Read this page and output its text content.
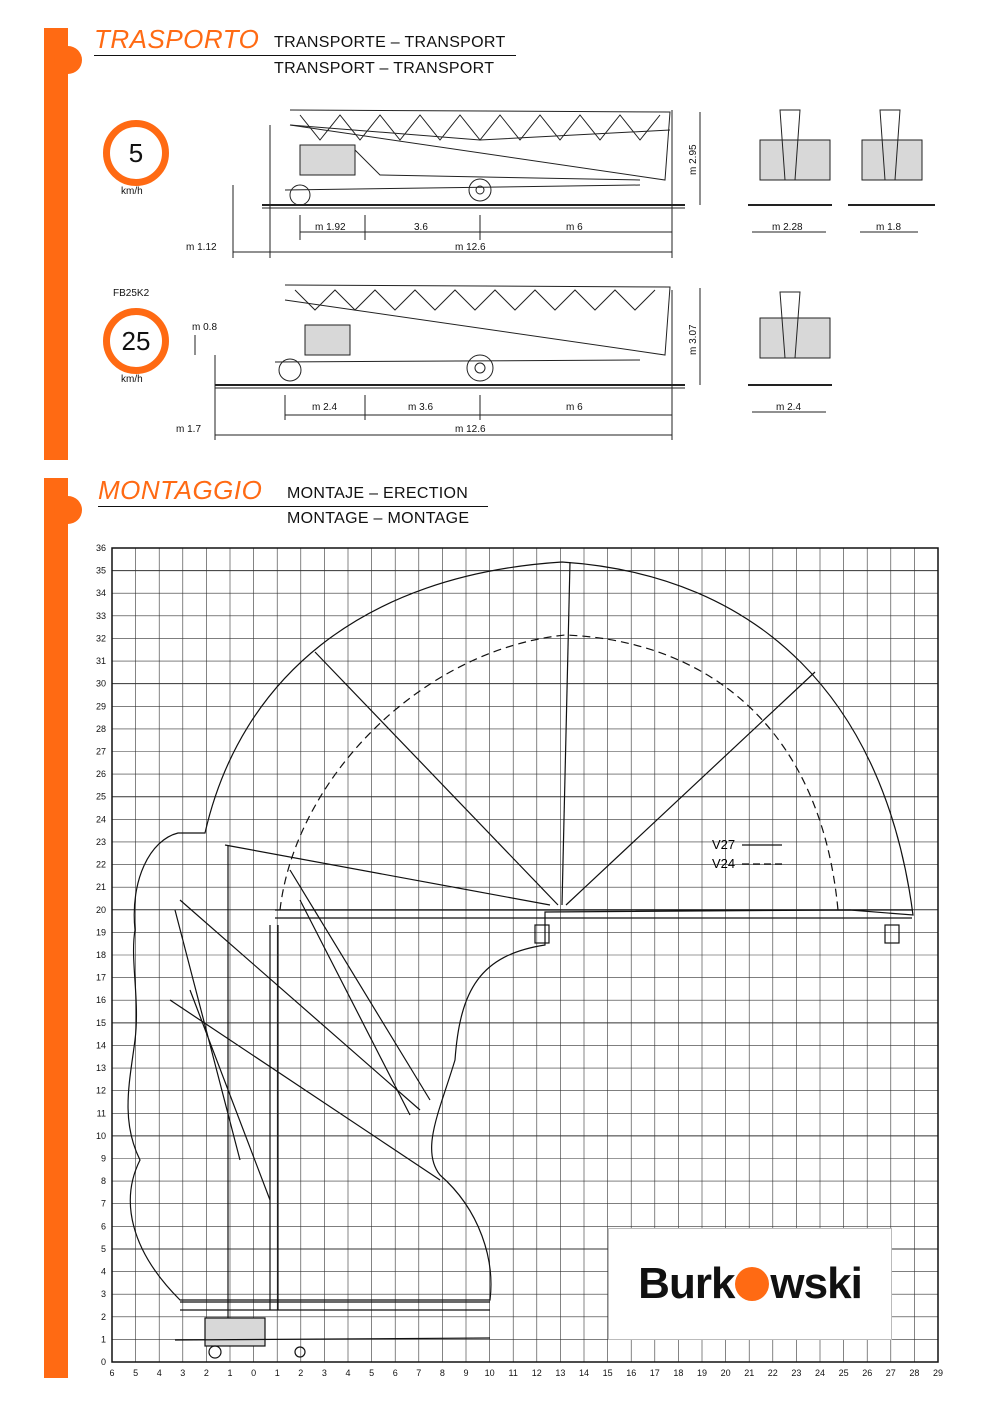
TRASPORTO TRANSPORTE – TRANSPORT
TRANSPORT – TRANSPORT
5
km/h
FB25K2
25
km/h
MONTAGGIO MONTAJE – ERECTION
MONTAGE – MONTAGE
m 2.95
m 1.92	3.6	m 6
m 1.12	m 12.6
m 2.28	m 1.8
m 3.07
m 0.8
m 2.4	m 3.6	m 6
m 1.7	m 12.6
m 2.4
0
1
2
3
4
5
6
7
8
9
10
11
12
13
14
15
16
17
18
19
20
21
22
23
24
25
26
27
28
29
30
31
32
33
34
35
36
6 5 4 3 2 1 0 1 2 3 4 5 6 7 8 9 10 11 12 13 14 15 16 17 18 19 20 21 22 23 24 25 26 27 28 29
V27
V24
Burk wski
